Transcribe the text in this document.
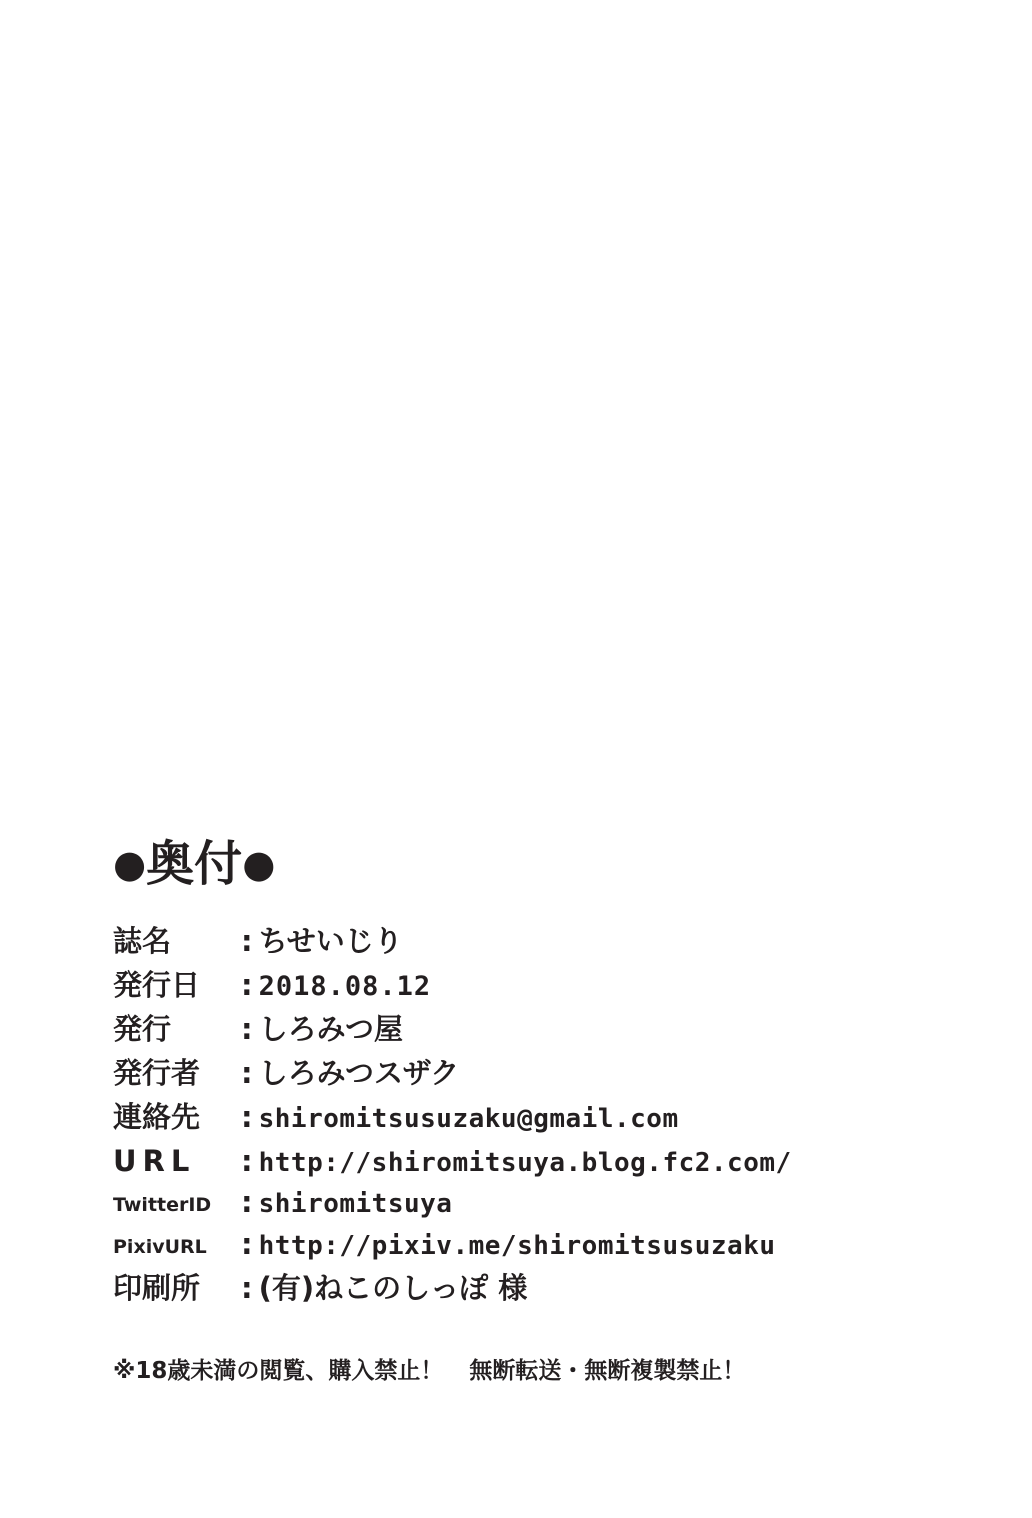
●奥付●
誌名	: ちせいじり
発行日	: 2018.08.12
発行	: しろみつ屋
発行者	: しろみつスザク
連絡先	: shiromitsusuzaku@gmail.com
URL	: http://shiromitsuya.blog.fc2.com/
TwitterID	: shiromitsuya
PixivURL	: http://pixiv.me/shiromitsusuzaku
印刷所	: (有)ねこのしっぽ 様
※18歳未満の閲覧、購入禁止！ 無断転送・無断複製禁止！
